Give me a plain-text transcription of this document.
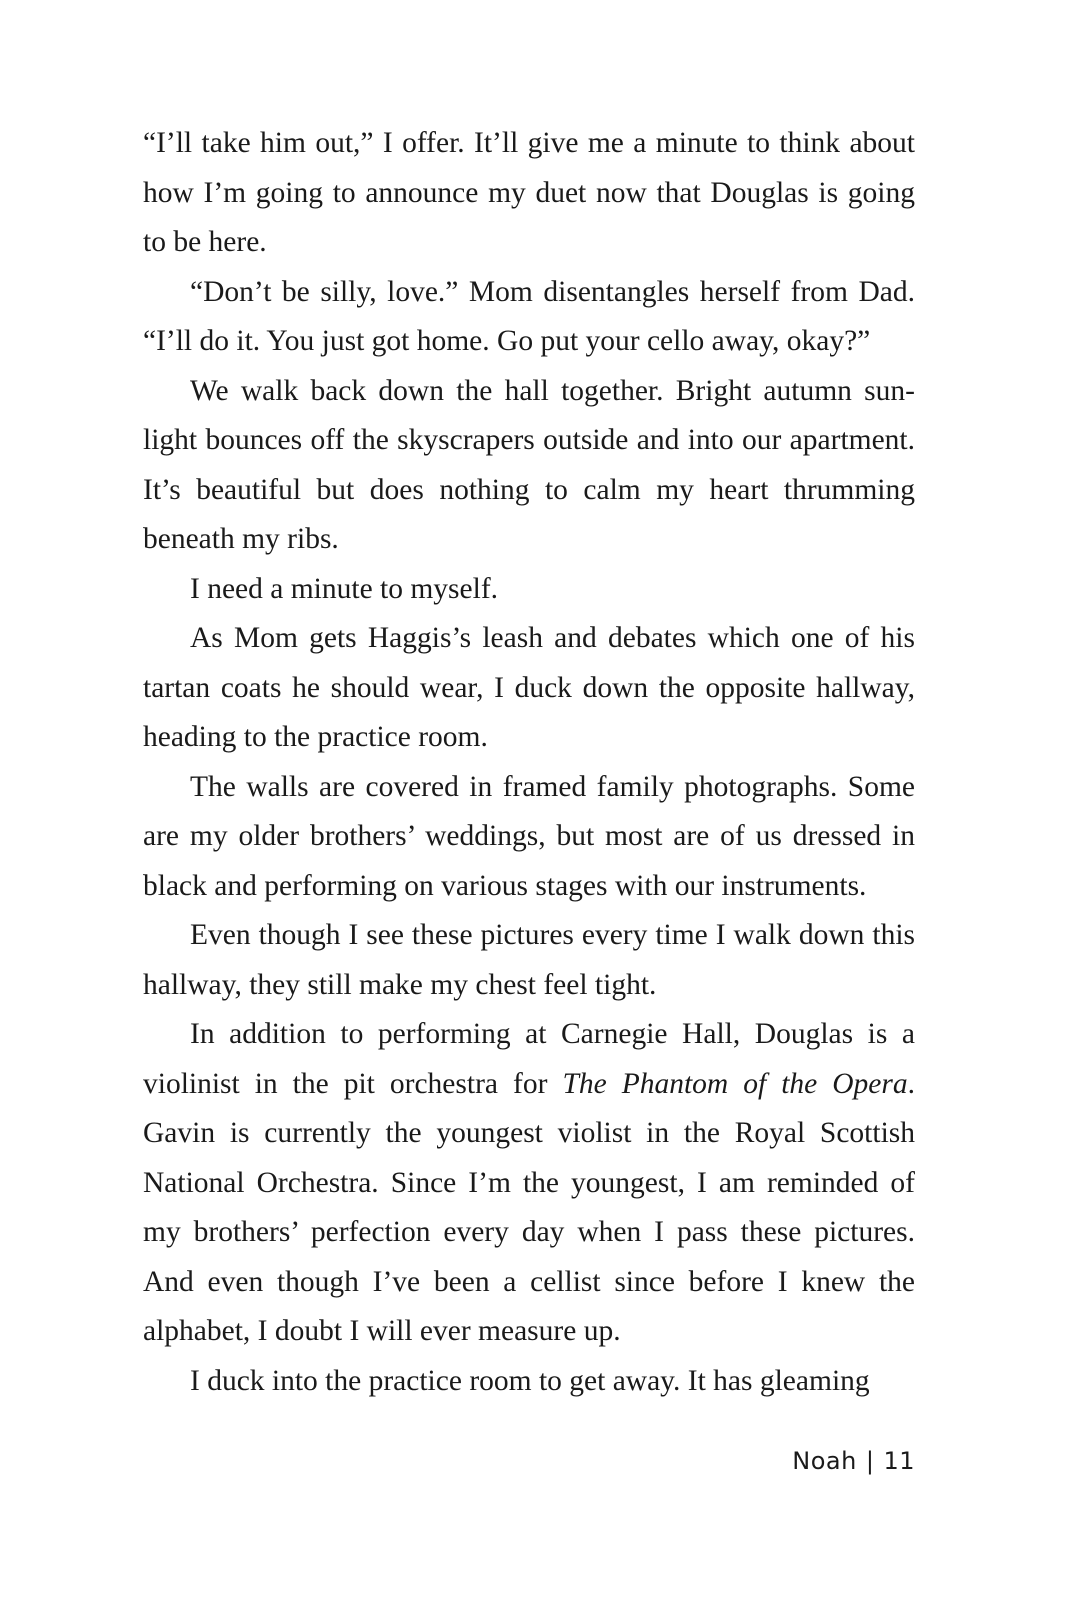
“I’ll take him out,” I offer. It’ll give me a minute to think about how I’m going to announce my duet now that Douglas is going to be here.

“Don’t be silly, love.” Mom disentangles herself from Dad. “I’ll do it. You just got home. Go put your cello away, okay?”

We walk back down the hall together. Bright autumn sun-light bounces off the skyscrapers outside and into our apartment. It’s beautiful but does nothing to calm my heart thrumming beneath my ribs.

I need a minute to myself.

As Mom gets Haggis’s leash and debates which one of his tartan coats he should wear, I duck down the opposite hallway, heading to the practice room.

The walls are covered in framed family photographs. Some are my older brothers’ weddings, but most are of us dressed in black and performing on various stages with our instruments.

Even though I see these pictures every time I walk down this hallway, they still make my chest feel tight.

In addition to performing at Carnegie Hall, Douglas is a violinist in the pit orchestra for The Phantom of the Opera. Gavin is currently the youngest violist in the Royal Scottish National Orchestra. Since I’m the youngest, I am reminded of my brothers’ perfection every day when I pass these pictures. And even though I’ve been a cellist since before I knew the alphabet, I doubt I will ever measure up.

I duck into the practice room to get away. It has gleaming

Noah | 11
